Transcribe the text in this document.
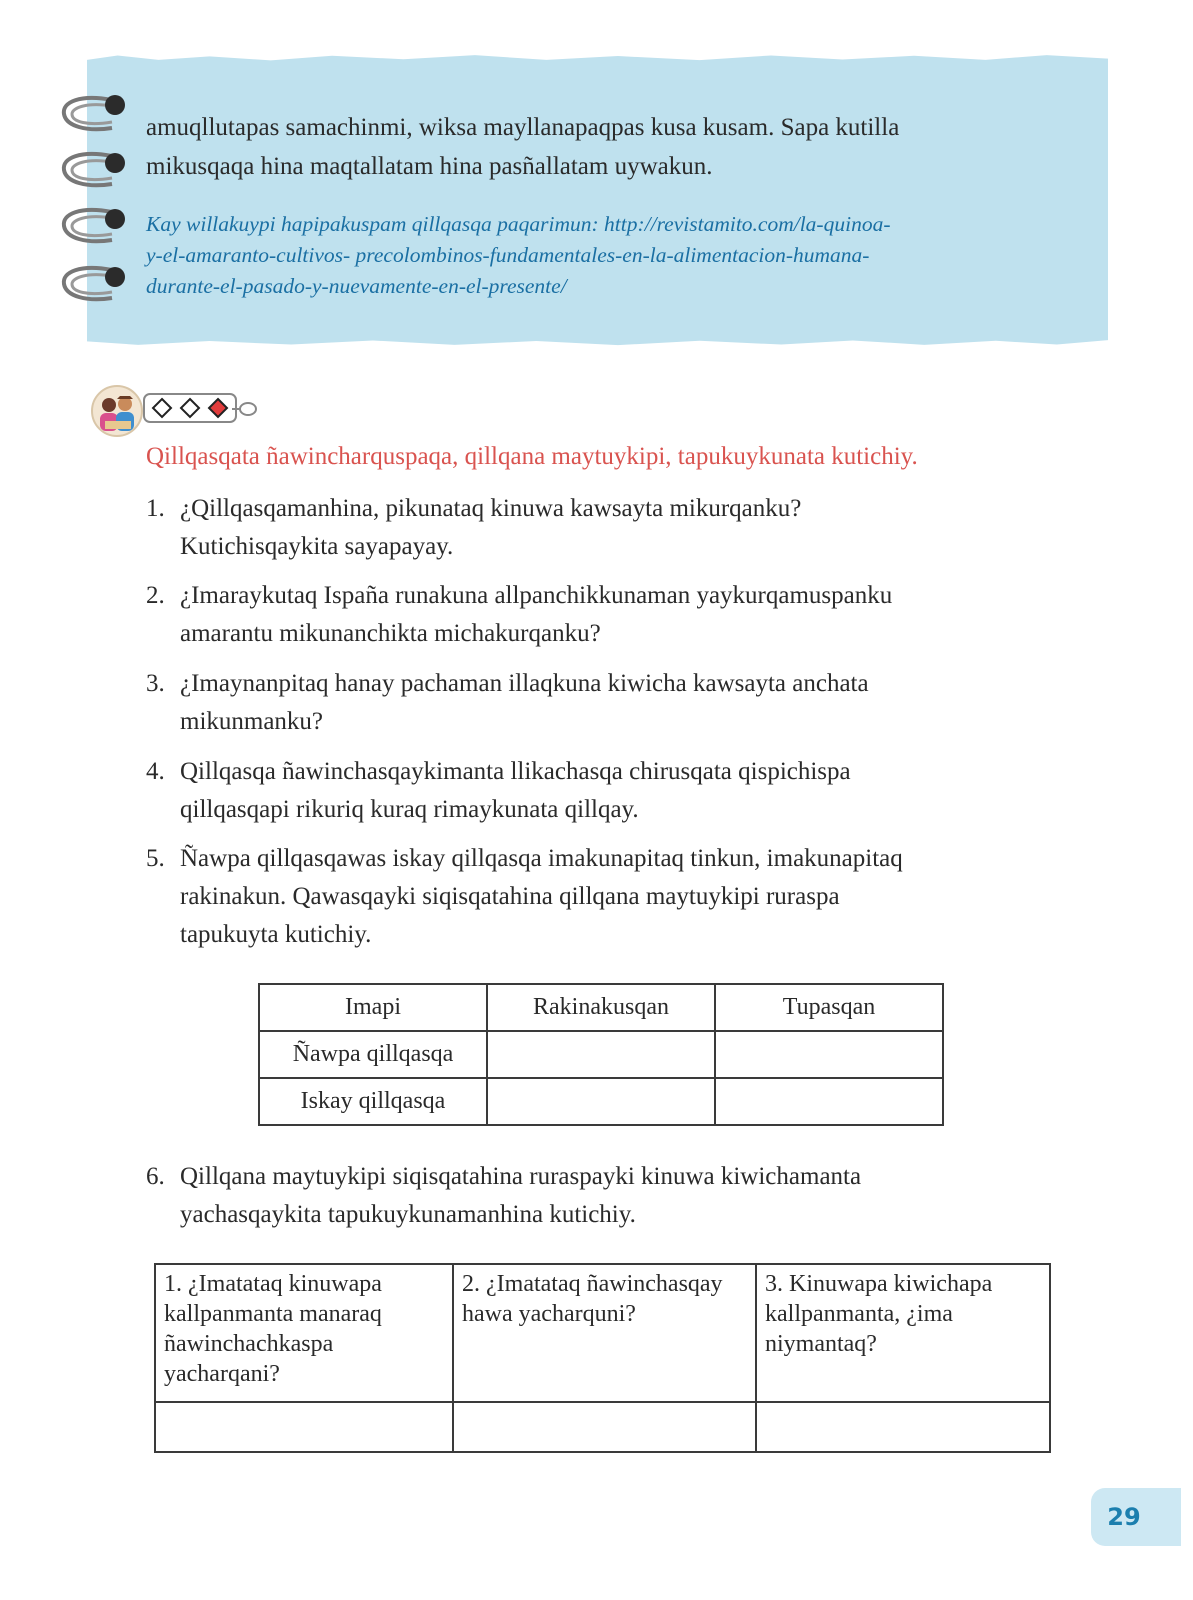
amuqllutapas samachinmi, wiksa mayllanapaqpas kusa kusam. Sapa kutilla

mikusqaqa hina maqtallatam hina pasñallatam uywakun.

Kay willakuypi hapipakuspam qillqasqa paqarimun: http://revistamito.com/la-quinoa-

y-el-amaranto-cultivos- precolombinos-fundamentales-en-la-alimentacion-humana-

durante-el-pasado-y-nuevamente-en-el-presente/

Qillqasqata ñawincharquspaqa, qillqana maytuykipi, tapukuykunata kutichiy.
1. ¿Qillqasqamanhina, pikunataq kinuwa kawsayta mikurqanku?
Kutichisqaykita sayapayay.
2. ¿Imaraykutaq Ispaña runakuna allpanchikkunaman yaykurqamuspanku
amarantu mikunanchikta michakurqanku?
3. ¿Imaynanpitaq hanay pachaman illaqkuna kiwicha kawsayta anchata
mikunmanku?
4. Qillqasqa ñawinchasqaykimanta llikachasqa chirusqata qispichispa
qillqasqapi rikuriq kuraq rimaykunata qillqay.
5. Ñawpa qillqasqawas iskay qillqasqa imakunapitaq tinkun, imakunapitaq
rakinakun. Qawasqayki siqisqatahina qillqana maytuykipi ruraspa
tapukuyta kutichiy.
Imapi	Rakinakusqan	Tupasqan
Ñawpa qillqasqa		
Iskay qillqasqa		
6. Qillqana maytuykipi siqisqatahina ruraspayki kinuwa kiwichamanta
yachasqaykita tapukuykunamanhina kutichiy.
1. ¿Imatataq kinuwapa kallpanmanta manaraq ñawinchachkaspa yacharqani?	2. ¿Imatataq ñawinchasqay hawa yacharquni?	3. Kinuwapa kiwichapa kallpanmanta, ¿ima niymantaq?

29
